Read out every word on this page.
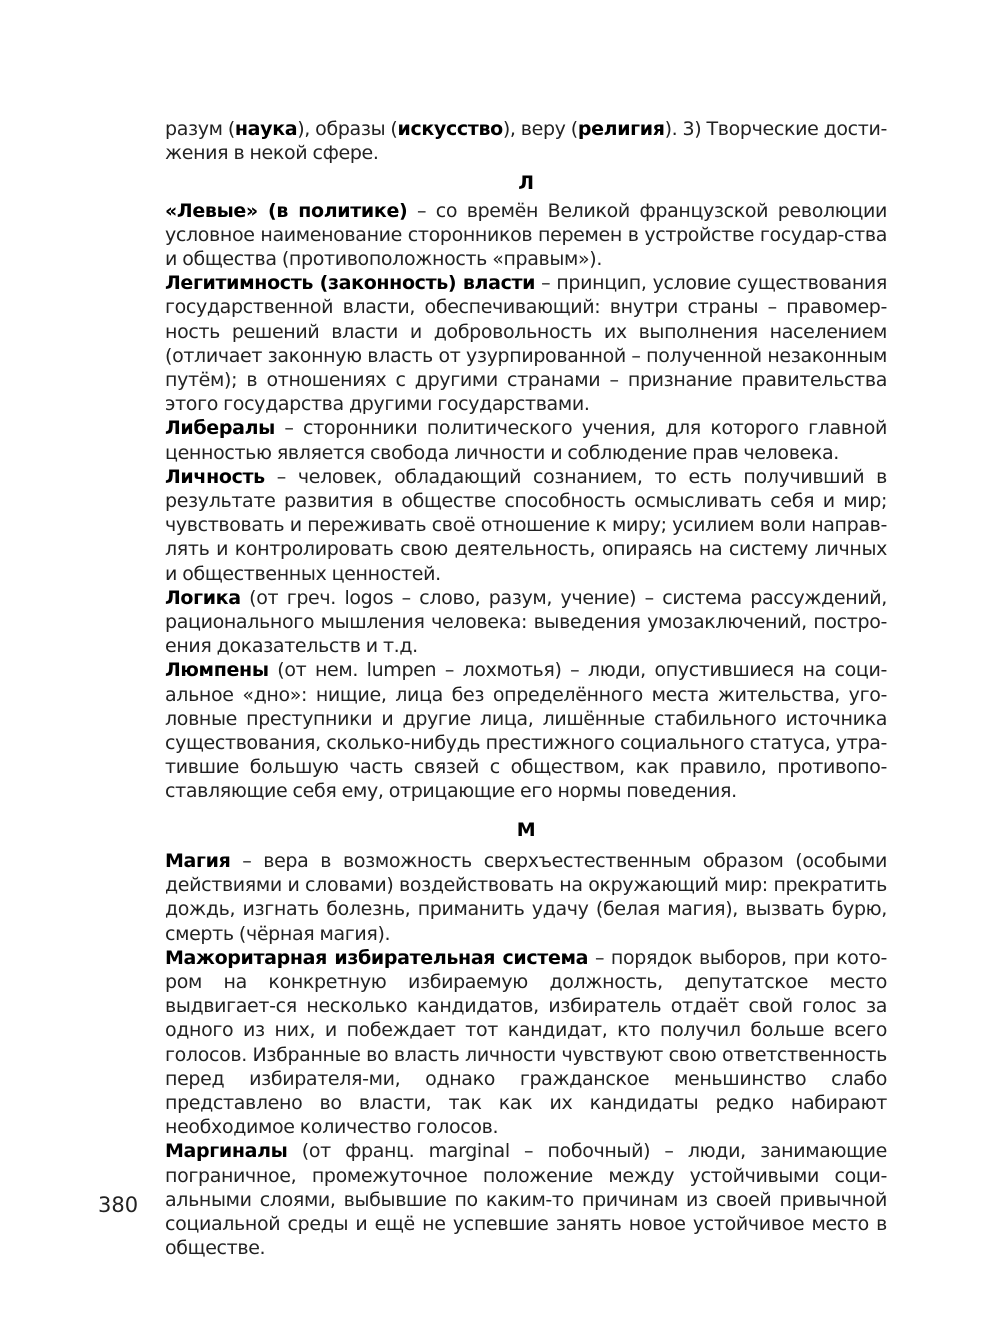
разум (наука), образы (искусство), веру (религия). 3) Творческие дости-жения в некой сфере.

Л

«Левые» (в политике) – со времён Великой французской революции условное наименование сторонников перемен в устройстве государ-ства и общества (противоположность «правым»).

Легитимность (законность) власти – принцип, условие существования государственной власти, обеспечивающий: внутри страны – правомер-ность решений власти и добровольность их выполнения населением (отличает законную власть от узурпированной – полученной незаконным путём); в отношениях с другими странами – признание правительства этого государства другими государствами.

Либералы – сторонники политического учения, для которого главной ценностью является свобода личности и соблюдение прав человека.

Личность – человек, обладающий сознанием, то есть получивший в результате развития в обществе способность осмысливать себя и мир; чувствовать и переживать своё отношение к миру; усилием воли направ-лять и контролировать свою деятельность, опираясь на систему личных и общественных ценностей.

Логика (от греч. logos – слово, разум, учение) – система рассуждений, рационального мышления человека: выведения умозаключений, постро-ения доказательств и т.д.

Люмпены (от нем. lumpen – лохмотья) – люди, опустившиеся на соци-альное «дно»: нищие, лица без определённого места жительства, уго-ловные преступники и другие лица, лишённые стабильного источника существования, сколько-нибудь престижного социального статуса, утра-тившие большую часть связей с обществом, как правило, противопо-ставляющие себя ему, отрицающие его нормы поведения.

М

Магия – вера в возможность сверхъестественным образом (особыми действиями и словами) воздействовать на окружающий мир: прекратить дождь, изгнать болезнь, приманить удачу (белая магия), вызвать бурю, смерть (чёрная магия).

Мажоритарная избирательная система – порядок выборов, при кото-ром на конкретную избираемую должность, депутатское место выдвигает-ся несколько кандидатов, избиратель отдаёт свой голос за одного из них, и побеждает тот кандидат, кто получил больше всего голосов. Избранные во власть личности чувствуют свою ответственность перед избирателя-ми, однако гражданское меньшинство слабо представлено во власти, так как их кандидаты редко набирают необходимое количество голосов.

Маргиналы (от франц. marginal – побочный) – люди, занимающие пограничное, промежуточное положение между устойчивыми соци-альными слоями, выбывшие по каким-то причинам из своей привычной социальной среды и ещё не успевшие занять новое устойчивое место в обществе.

380
